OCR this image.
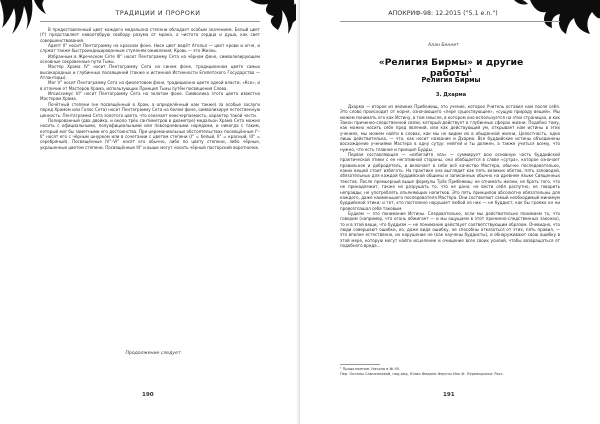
ТРАДИЦИИ И ПРОРОКИ

В предоставленный цвет каждого медальона степени обладает особым значением. Белый цвет (I°) представляет новоотобрую свободу разума от мрака, а чистота сердца и душа, как свет совершенствования.

Адепт II° носит Пентаграмму на красном фоне. Нисе цвет ведёт Ателья — цвет крови и огня, и служат также быстроиндицированным ступеням оживления; Кровь — это Жизнь.

Избранным в Жреческом Сете III° носит Пентаграмму Сета на чёрном фоне, символизирующем основные сокровенные пути Тьмы.

Мастер Храма IV° носит Пентаграмму Сета на синем фоне, традиционном цвете самых высокородных и глубинных посвящений (также и истинной Истинности Египетского Государства — Атлантиды).

Маг V° носит Пентаграмму Сета на фиолетовом фоне, традиционно цвете одной власти, «Ксо», и в отличие от Мастеров Храма, использующих Принцип Тьмы путём посвящения Слова.

Ипсиссимус VI° носит Пентаграмму Сета на золотом фоне. Символика этого цвета известна Мастерам Храма.

Почётный степени (не посвящённый в Храм, а определённый нам также) за особые заслуги перед Храмом или Голос Сета) носит Пентаграмму Сета на белом фоне, символизируя естественную ценность. Пентаграмма Сета золотого цвета, что означает неисчерпаемость, характер такой чести.

Полированный (два двойка, и около трёх сантиметров в диаметре) медальон Храма Сета можно носить с официальными, полуофициальными или повседневными нарядами, и никогда с таким, который мог бы заметными его достоинства. При церемониальных обстоятельствах посвящённые I°–II° носят его с чёрным шнурком или в сочетании с цветом степени (I° = белый, II° = красный, III° = серебряный). Посвящённые IV°–VI° носят его обычно, либо по цвету степени, либо чёрные, украшенные цветом степени. Посвящённые III° и выше могут носить чёрный пасторский воротничок.

Продолжение следует
190
АПОКРИФ-98: 12.2015 ("5.1 e.n.")
Алан Беннет
«Религия Бирмы» и другие работы$^1$
Религия Бирмы
3. Дхарма

Дхарма — второе из великих Прибежищ, это учение, которое Учитель оставил нам после себя. Это слово происходит от корня, означающего «пере существующее», «сущую природу вещей». Мы можем понимать его как Истину, в том смысле, в котором оно используется на этих страницах, и как Закон причинно-следственной связи, который действует в глубинных сферах жизни. Подобно тому, как можно носить себе пред явлений, или как действующий ум, открывает нам истины в этих учениях, мы можем найти в словах, как мы не видим их в обыденной жизни, Целостность, одна лишь действительна, — что, как носит название и Дхарма. Все буддийские истины объединены восхождение учениями Мастера в одну сутру: нейтей и ты должен, а также учиться всему, что нужно, что есть главное и принцип Будды.

Первая составляющая — «избегайте зла» — суммирует всю основную часть буддийской практической этики с ее негативной стороны, она обобщается в слове «сутра», которое означает правильное и добродетель, и включает в себе всё качество Мастера, обычно последовательно, каких вещей стоит избегать. На практике она выглядит как пять великих обетов, пять заповедей, обязательных для каждой буддийской общины и записанных обычно на древнем языке Священных текстов. После премьерный выше формулы Трёх Прибежищ: не отнимать жизни, не брать того, что не принадлежит, также не разрушать то, что не дано; не вести себя распутно, не говорить неправды; не употреблять опьяняющих напитков. Это пять принципов абсолютно обязательны для каждого, даже наименьшего последователя Мастера. Они составляют самый необходимый минимум буддийской этики; и тот, кто постоянно нарушает любой из них — не буддист, как бы громко он ни провозглашал себя таковым.

Будизм — это понимание Истины. Следовательно, если мы действительно понимаем то, что говорим (например, что огонь обжигает — и мы ощущаем в этот причинно-следственных законах), то и в этой вещи, что буддизм — не понимание действует соответствующим образом. Очевидно, что люди совершают ошибки, но, даже видя ошибку, не способны отказаться от этих, пять правил, — это вполне естественно, их нарушение не (как научены буддисты), и обнаруживают свою ошибку в этой мере, которую могут найти исцеление и очищение всех своих усилий, чтобы возвращаться от подобного вреда...

¹ Продолжение. Начало в № 95.
Пер. Оксаны Самченковой, под ред. Юлии Федина Фаусты Инь Ф. Переводчики: Росс.
191
